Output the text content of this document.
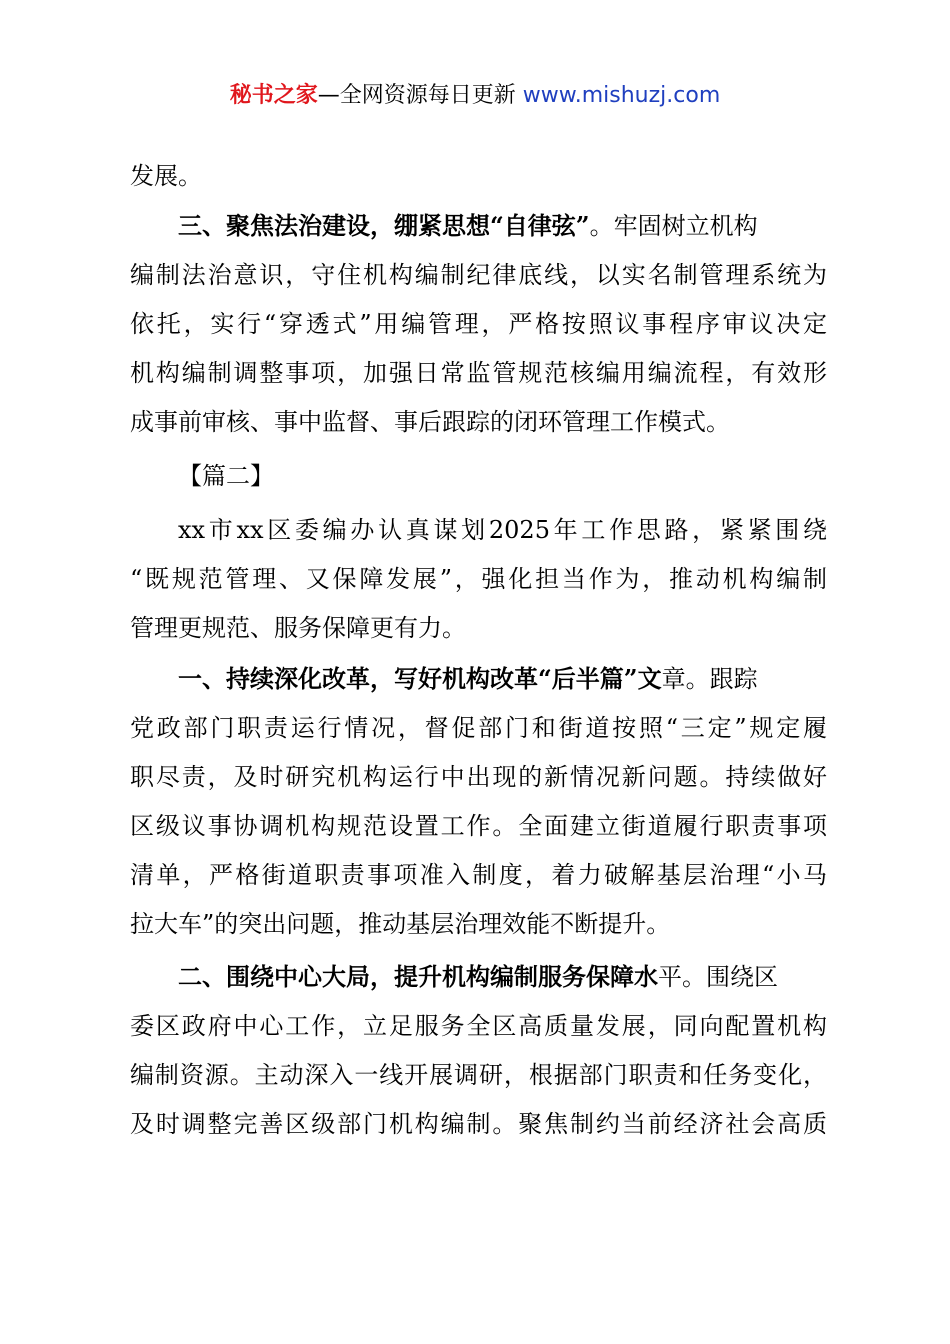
秘书之家—全网资源每日更新 www.mishuzj.com
发展。
三、聚焦法治建设，绷紧思想“自律弦”。牢固树立机构
编制法治意识，守住机构编制纪律底线，以实名制管理系统为
依托，实行“穿透式”用编管理，严格按照议事程序审议决定
机构编制调整事项，加强日常监管规范核编用编流程，有效形
成事前审核、事中监督、事后跟踪的闭环管理工作模式。
【篇二】
xx市xx区委编办认真谋划2025年工作思路，紧紧围绕
“既规范管理、又保障发展”，强化担当作为，推动机构编制
管理更规范、服务保障更有力。
一、持续深化改革，写好机构改革“后半篇”文章。跟踪
党政部门职责运行情况，督促部门和街道按照“三定”规定履
职尽责，及时研究机构运行中出现的新情况新问题。持续做好
区级议事协调机构规范设置工作。全面建立街道履行职责事项
清单，严格街道职责事项准入制度，着力破解基层治理“小马
拉大车”的突出问题，推动基层治理效能不断提升。
二、围绕中心大局，提升机构编制服务保障水平。围绕区
委区政府中心工作，立足服务全区高质量发展，同向配置机构
编制资源。主动深入一线开展调研，根据部门职责和任务变化，
及时调整完善区级部门机构编制。聚焦制约当前经济社会高质
